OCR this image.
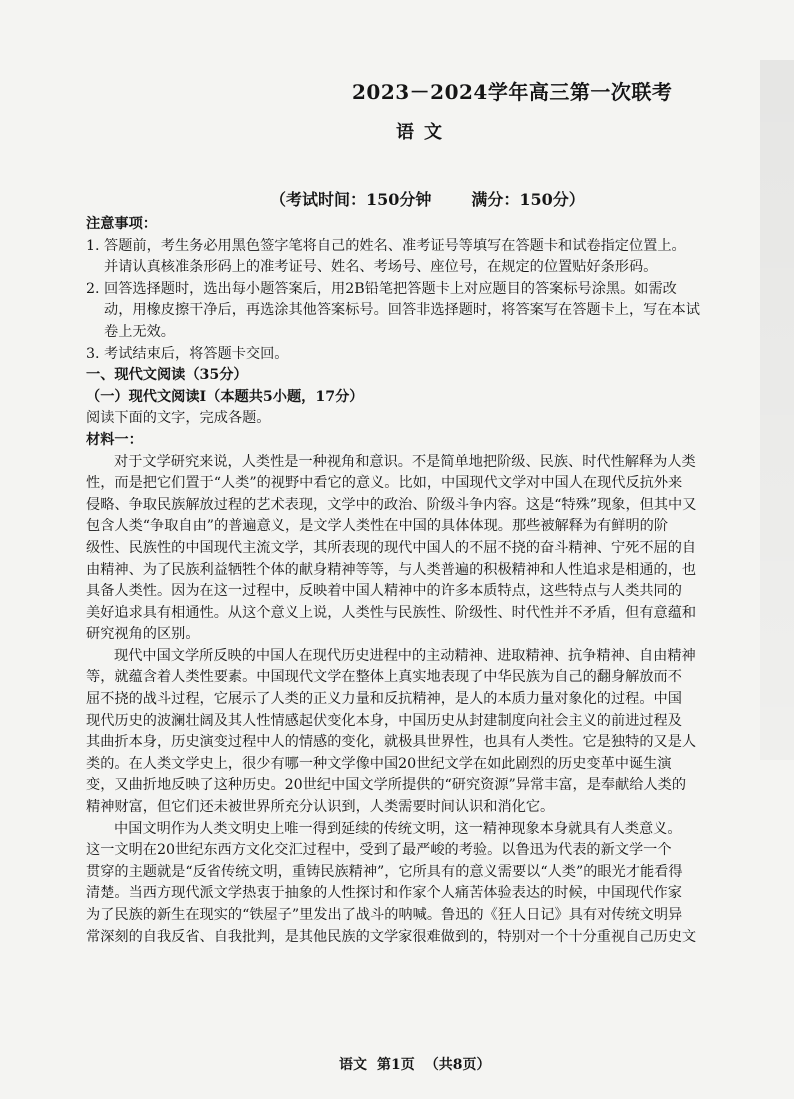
2023－2024学年高三第一次联考
语文
（考试时间：150分钟	满分：150分）
注意事项：
1. 答题前，考生务必用黑色签字笔将自己的姓名、准考证号等填写在答题卡和试卷指定位置上。
并请认真核准条形码上的准考证号、姓名、考场号、座位号，在规定的位置贴好条形码。
2. 回答选择题时，选出每小题答案后，用2B铅笔把答题卡上对应题目的答案标号涂黑。如需改
动，用橡皮擦干净后，再选涂其他答案标号。回答非选择题时，将答案写在答题卡上，写在本试
卷上无效。
3. 考试结束后，将答题卡交回。
一、现代文阅读（35分）
（一）现代文阅读Ⅰ（本题共5小题，17分）
阅读下面的文字，完成各题。
材料一：
对于文学研究来说，人类性是一种视角和意识。不是简单地把阶级、民族、时代性解释为人类
性，而是把它们置于“人类”的视野中看它的意义。比如，中国现代文学对中国人在现代反抗外来
侵略、争取民族解放过程的艺术表现，文学中的政治、阶级斗争内容。这是“特殊”现象，但其中又
包含人类“争取自由”的普遍意义，是文学人类性在中国的具体体现。那些被解释为有鲜明的阶
级性、民族性的中国现代主流文学，其所表现的现代中国人的不屈不挠的奋斗精神、宁死不屈的自
由精神、为了民族利益牺牲个体的献身精神等等，与人类普遍的积极精神和人性追求是相通的，也
具备人类性。因为在这一过程中，反映着中国人精神中的许多本质特点，这些特点与人类共同的
美好追求具有相通性。从这个意义上说，人类性与民族性、阶级性、时代性并不矛盾，但有意蕴和
研究视角的区别。
现代中国文学所反映的中国人在现代历史进程中的主动精神、进取精神、抗争精神、自由精神
等，就蕴含着人类性要素。中国现代文学在整体上真实地表现了中华民族为自己的翻身解放而不
屈不挠的战斗过程，它展示了人类的正义力量和反抗精神，是人的本质力量对象化的过程。中国
现代历史的波澜壮阔及其人性情感起伏变化本身，中国历史从封建制度向社会主义的前进过程及
其曲折本身，历史演变过程中人的情感的变化，就极具世界性，也具有人类性。它是独特的又是人
类的。在人类文学史上，很少有哪一种文学像中国20世纪文学在如此剧烈的历史变革中诞生演
变，又曲折地反映了这种历史。20世纪中国文学所提供的“研究资源”异常丰富，是奉献给人类的
精神财富，但它们还未被世界所充分认识到，人类需要时间认识和消化它。
中国文明作为人类文明史上唯一得到延续的传统文明，这一精神现象本身就具有人类意义。
这一文明在20世纪东西方文化交汇过程中，受到了最严峻的考验。以鲁迅为代表的新文学一个
贯穿的主题就是“反省传统文明，重铸民族精神”，它所具有的意义需要以“人类”的眼光才能看得
清楚。当西方现代派文学热衷于抽象的人性探讨和作家个人痛苦体验表达的时候，中国现代作家
为了民族的新生在现实的“铁屋子”里发出了战斗的呐喊。鲁迅的《狂人日记》具有对传统文明异
常深刻的自我反省、自我批判，是其他民族的文学家很难做到的，特别对一个十分重视自己历史文
语文 第1页 （共8页）
